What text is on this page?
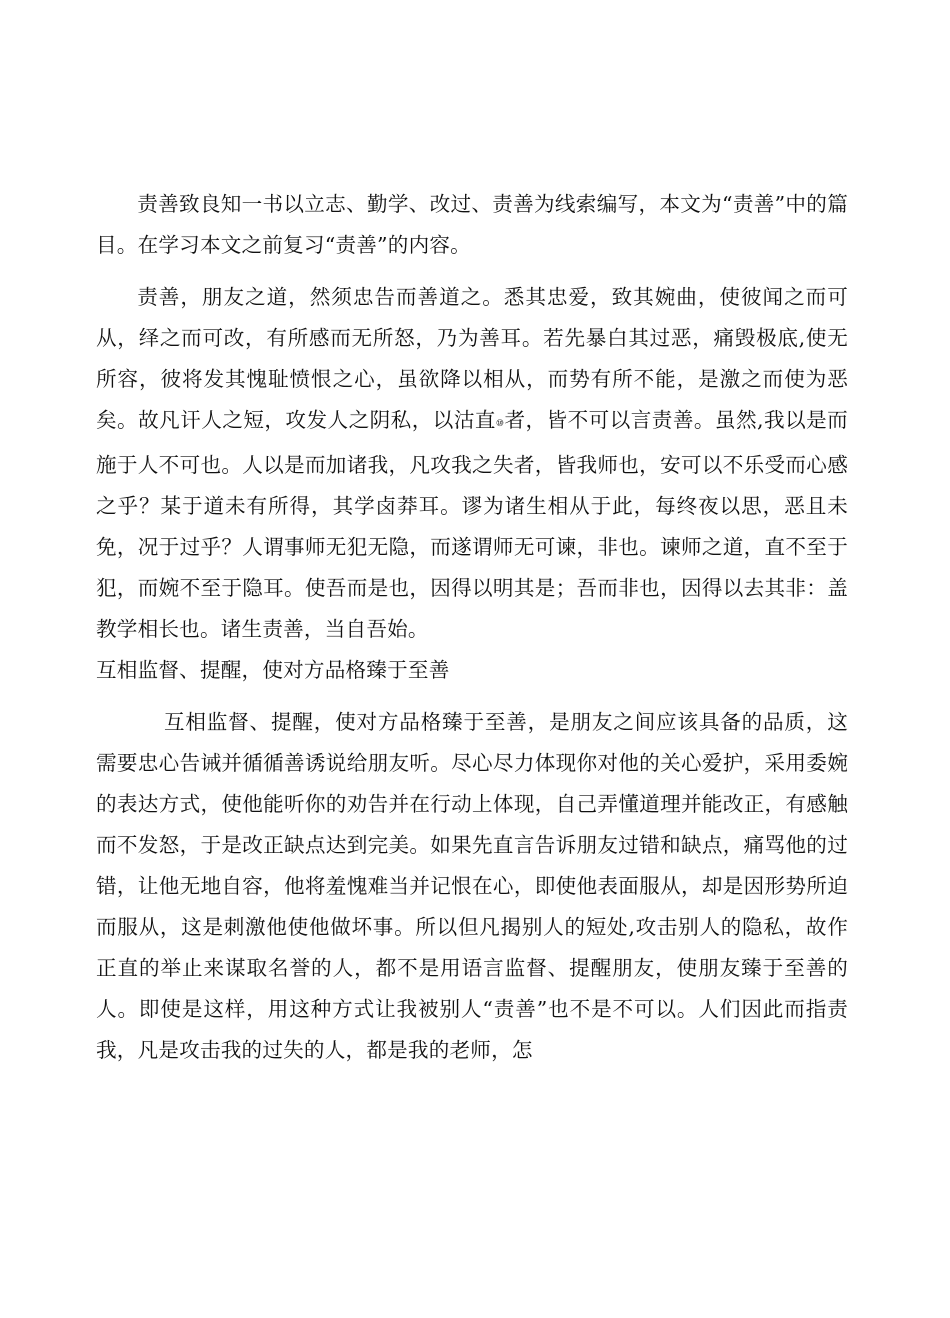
责善致良知一书以立志、勤学、改过、责善为线索编写，本文为“责善”中的篇目。在学习本文之前复习“责善”的内容。

责善，朋友之道，然须忠告而善道之。悉其忠爱，致其婉曲，使彼闻之而可从，绎之而可改，有所感而无所怒，乃为善耳。若先暴白其过恶，痛毁极底,使无所容，彼将发其愧耻愤恨之心，虽欲降以相从，而势有所不能，是激之而使为恶矣。故凡讦人之短，攻发人之阴私，以沽直⑩者，皆不可以言责善。虽然,我以是而施于人不可也。人以是而加诸我，凡攻我之失者，皆我师也，安可以不乐受而心感之乎？某于道未有所得，其学卤莽耳。谬为诸生相从于此，每终夜以思，恶且未免，况于过乎？人谓事师无犯无隐，而遂谓师无可谏，非也。谏师之道，直不至于犯，而婉不至于隐耳。使吾而是也，因得以明其是；吾而非也，因得以去其非：盖教学相长也。诸生责善，当自吾始。

互相监督、提醒，使对方品格臻于至善

互相监督、提醒，使对方品格臻于至善，是朋友之间应该具备的品质，这需要忠心告诫并循循善诱说给朋友听。尽心尽力体现你对他的关心爱护，采用委婉的表达方式，使他能听你的劝告并在行动上体现，自己弄懂道理并能改正，有感触而不发怒，于是改正缺点达到完美。如果先直言告诉朋友过错和缺点，痛骂他的过错，让他无地自容，他将羞愧难当并记恨在心，即使他表面服从，却是因形势所迫而服从，这是刺激他使他做坏事。所以但凡揭别人的短处,攻击别人的隐私，故作正直的举止来谋取名誉的人，都不是用语言监督、提醒朋友，使朋友臻于至善的人。即使是这样，用这种方式让我被别人“责善”也不是不可以。人们因此而指责我，凡是攻击我的过失的人，都是我的老师，怎
